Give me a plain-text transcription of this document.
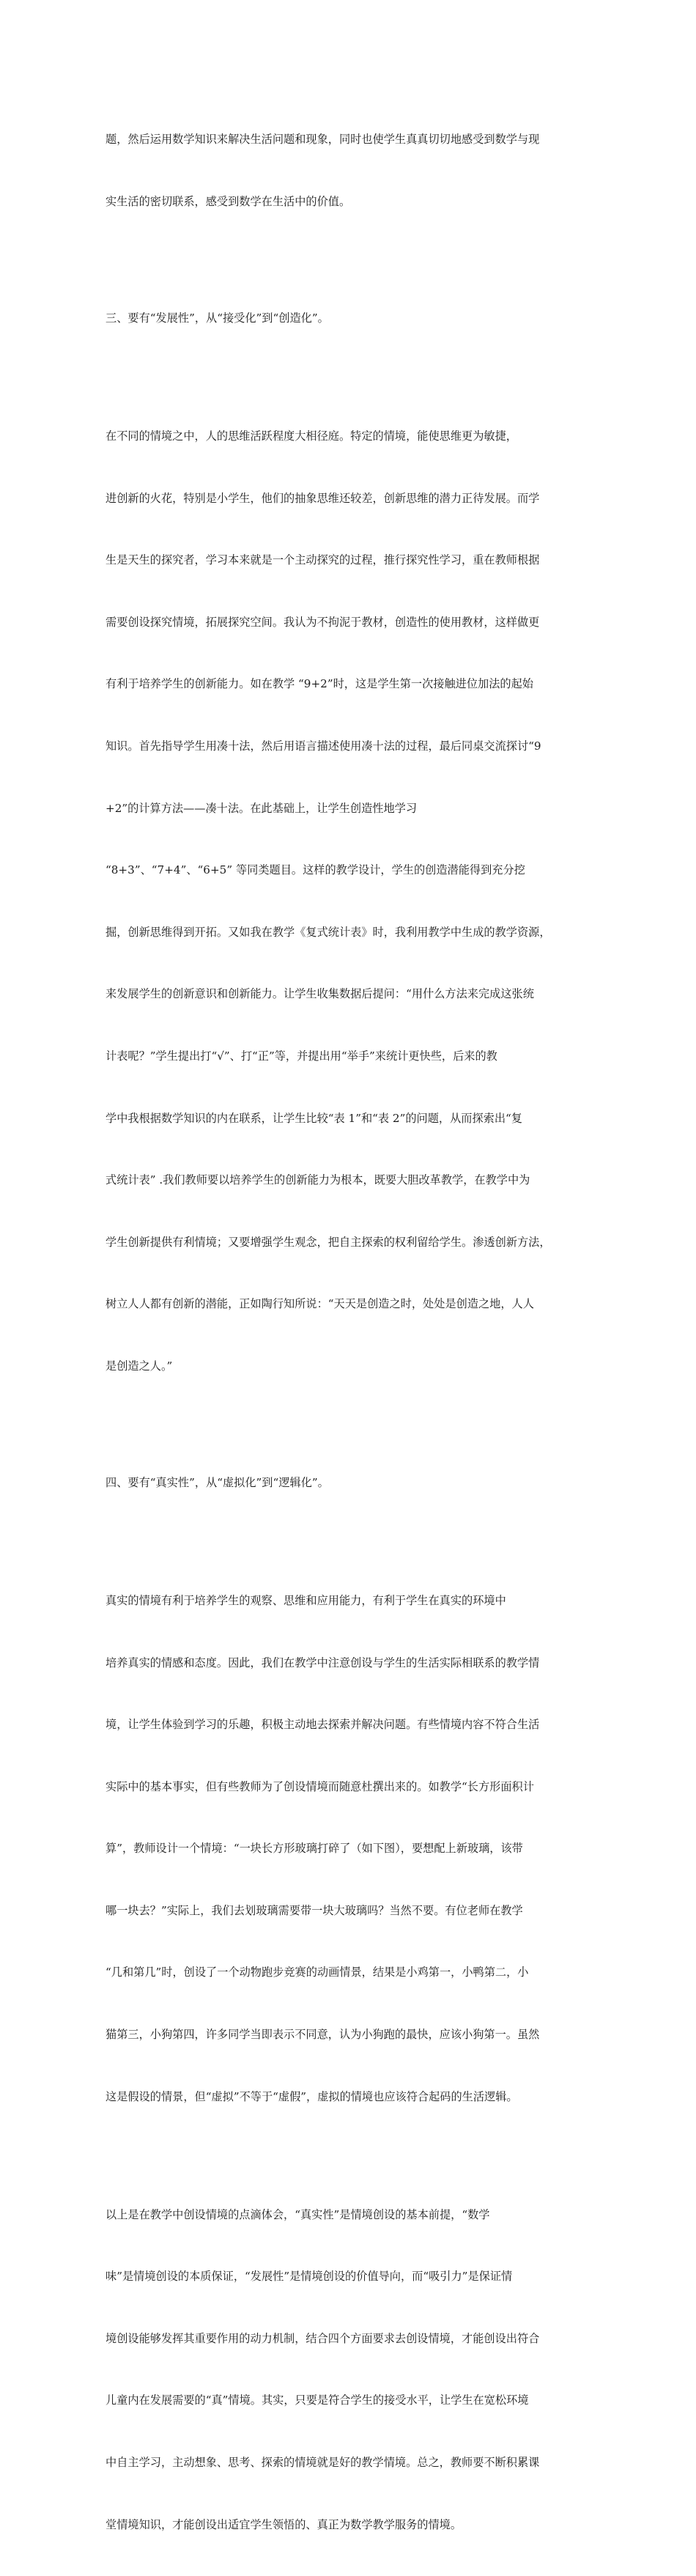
题，然后运用数学知识来解决生活问题和现象，同时也使学生真真切切地感受到数学与现

实生活的密切联系，感受到数学在生活中的价值。

三、要有“发展性”，从“接受化”到“创造化”。

在不同的情境之中，人的思维活跃程度大相径庭。特定的情境，能使思维更为敏捷，

进创新的火花，特别是小学生，他们的抽象思维还较差，创新思维的潜力正待发展。而学

生是天生的探究者，学习本来就是一个主动探究的过程，推行探究性学习，重在教师根据

需要创设探究情境，拓展探究空间。我认为不拘泥于教材，创造性的使用教材，这样做更

有利于培养学生的创新能力。如在教学 “9+2”时，这是学生第一次接触进位加法的起始

知识。首先指导学生用凑十法，然后用语言描述使用凑十法的过程，最后同桌交流探讨“9

+2”的计算方法——凑十法。在此基础上，让学生创造性地学习

“8+3”、“7+4”、“6+5” 等同类题目。这样的教学设计，学生的创造潜能得到充分挖

掘，创新思维得到开拓。又如我在教学《复式统计表》时，我利用教学中生成的教学资源，

来发展学生的创新意识和创新能力。让学生收集数据后提问：“用什么方法来完成这张统

计表呢？”学生提出打“√”、打“正”等，并提出用“举手”来统计更快些，后来的教

学中我根据数学知识的内在联系，让学生比较“表 1”和“表 2”的问题，从而探索出“复

式统计表” .我们教师要以培养学生的创新能力为根本，既要大胆改革教学，在教学中为

学生创新提供有利情境；又要增强学生观念，把自主探索的权利留给学生。渗透创新方法，

树立人人都有创新的潜能，正如陶行知所说：“天天是创造之时，处处是创造之地，人人

是创造之人。”

四、要有“真实性”，从“虚拟化”到“逻辑化”。

真实的情境有利于培养学生的观察、思维和应用能力，有利于学生在真实的环境中

培养真实的情感和态度。因此，我们在教学中注意创设与学生的生活实际相联系的教学情

境，让学生体验到学习的乐趣，积极主动地去探索并解决问题。有些情境内容不符合生活

实际中的基本事实，但有些教师为了创设情境而随意杜撰出来的。如教学“长方形面积计

算”，教师设计一个情境：“一块长方形玻璃打碎了（如下图），要想配上新玻璃，该带

哪一块去？”实际上，我们去划玻璃需要带一块大玻璃吗？当然不要。有位老师在教学

“几和第几”时，创设了一个动物跑步竞赛的动画情景，结果是小鸡第一，小鸭第二，小

猫第三，小狗第四，许多同学当即表示不同意，认为小狗跑的最快，应该小狗第一。虽然

这是假设的情景，但“虚拟”不等于“虚假”，虚拟的情境也应该符合起码的生活逻辑。

以上是在教学中创设情境的点滴体会，“真实性”是情境创设的基本前提，“数学

味”是情境创设的本质保证，“发展性”是情境创设的价值导向，而“吸引力”是保证情

境创设能够发挥其重要作用的动力机制，结合四个方面要求去创设情境，才能创设出符合

儿童内在发展需要的“真”情境。其实，只要是符合学生的接受水平，让学生在宽松环境

中自主学习，主动想象、思考、探索的情境就是好的教学情境。总之，教师要不断积累课

堂情境知识，才能创设出适宜学生领悟的、真正为数学教学服务的情境。
